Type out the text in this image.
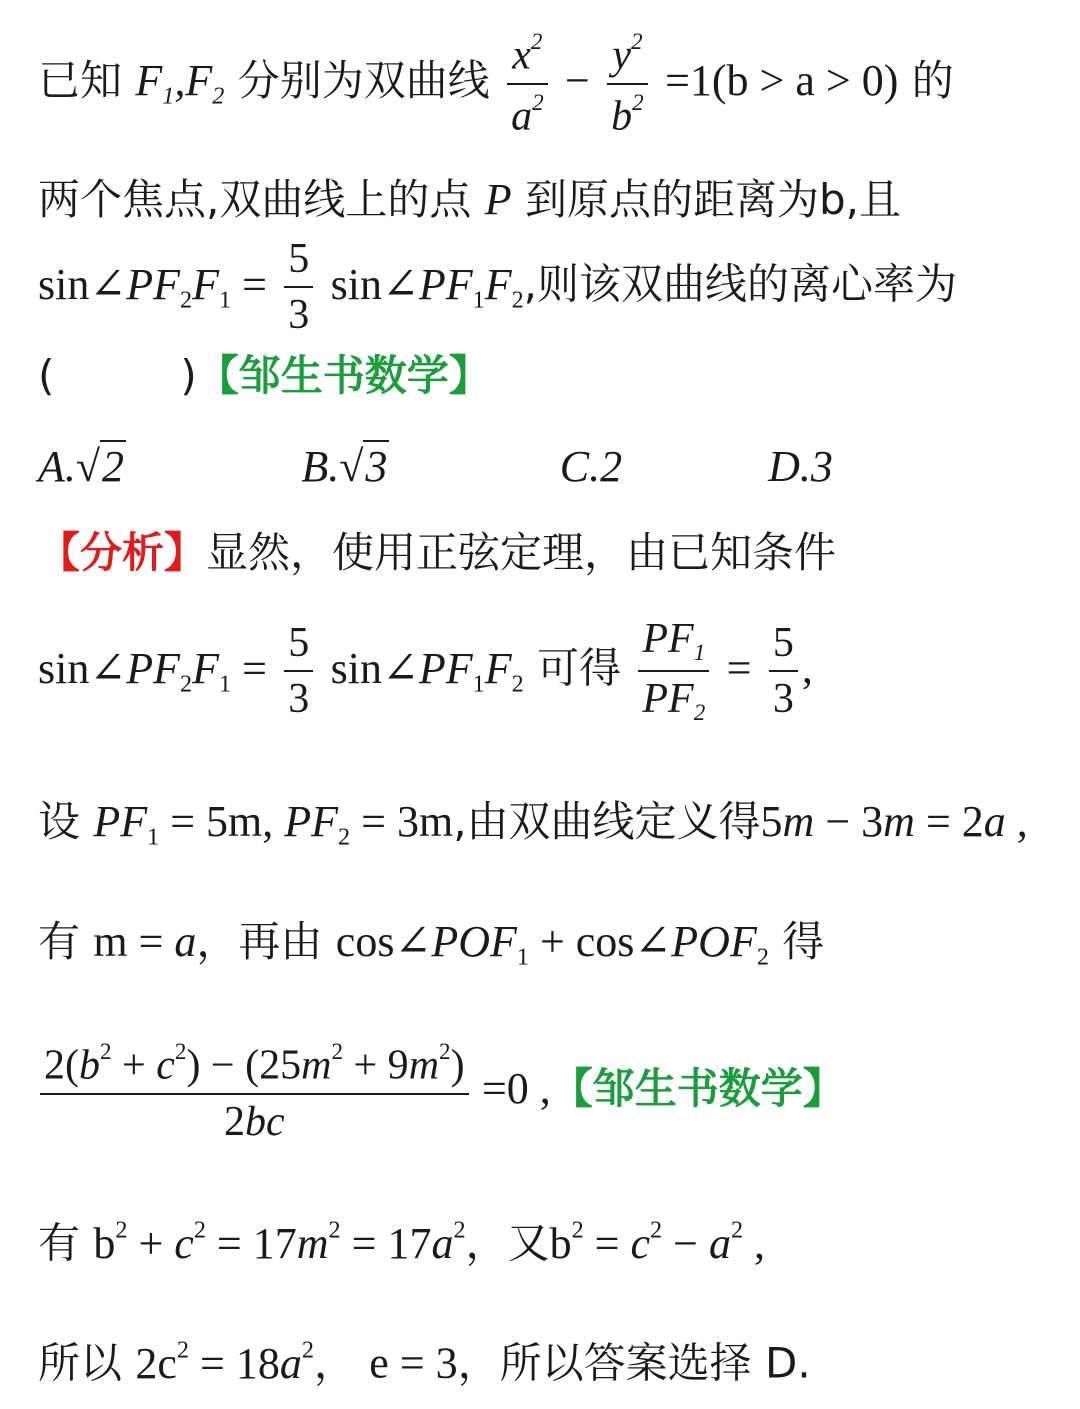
已知 $F_1,F_2$ 分别为双曲线 $\frac{x^2}{a^2} - \frac{y^2}{b^2} =1(b > a > 0)$ 的
两个焦点,双曲线上的点 P 到原点的距离为b,且
$\sin\angle PF_2F_1 = \frac{5}{3}$ $\sin\angle PF_1F_2$,则该双曲线的离心率为
(　　　)【邹生书数学】
A.√2	B.√3	C.2	D.3
【分析】显然，使用正弦定理，由已知条件
$\sin\angle PF_2F_1 = \frac{5}{3}$ $\sin\angle PF_1F_2$ 可得 $\frac{PF_1}{PF_2} = \frac{5}{3}$ ,
设 $PF_1 = 5m$, $PF_2 = 3m$,由双曲线定义得5m − 3m = 2a ,
有 m = a，再由 $\cos\angle POF_1$ + $\cos\angle POF_2$ 得
$\frac{2(b^2 + c^2) - (25m^2 + 9m^2)}{2bc} =0$ ,【邹生书数学】
有 $b^2 + c^2 = 17m^2 = 17a^2$，又$b^2 = c^2 - a^2$ ,
所以 $2c^2 = 18a^2$， e = 3，所以答案选择 D.
